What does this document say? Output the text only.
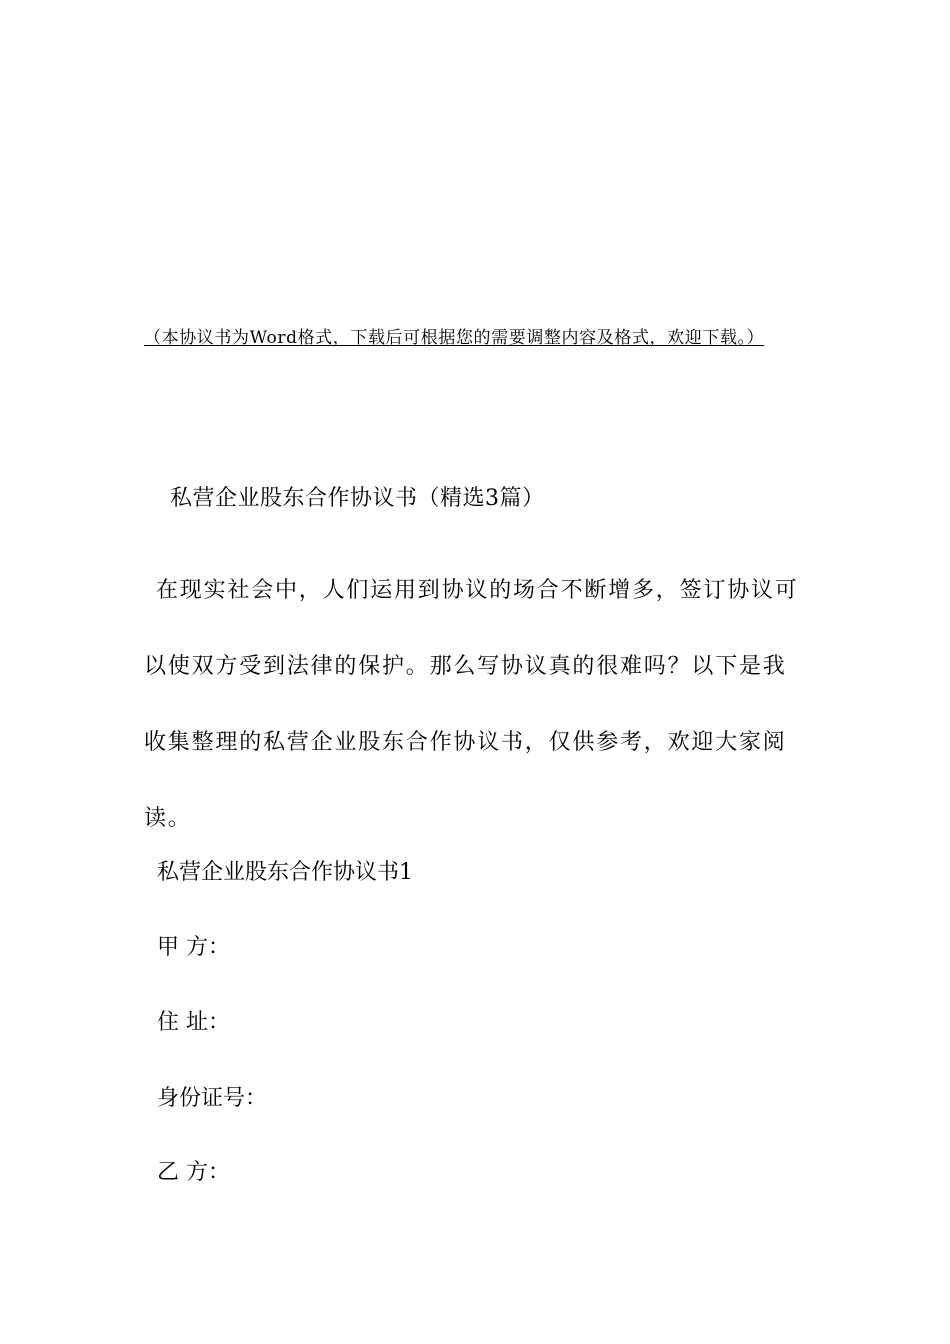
（本协议书为Word格式，下载后可根据您的需要调整内容及格式，欢迎下载。）
私营企业股东合作协议书（精选3篇）
在现实社会中，人们运用到协议的场合不断增多，签订协议可以使双方受到法律的保护。那么写协议真的很难吗？以下是我收集整理的私营企业股东合作协议书，仅供参考，欢迎大家阅读。
私营企业股东合作协议书1
甲 方：
住 址：
身份证号：
乙 方：
